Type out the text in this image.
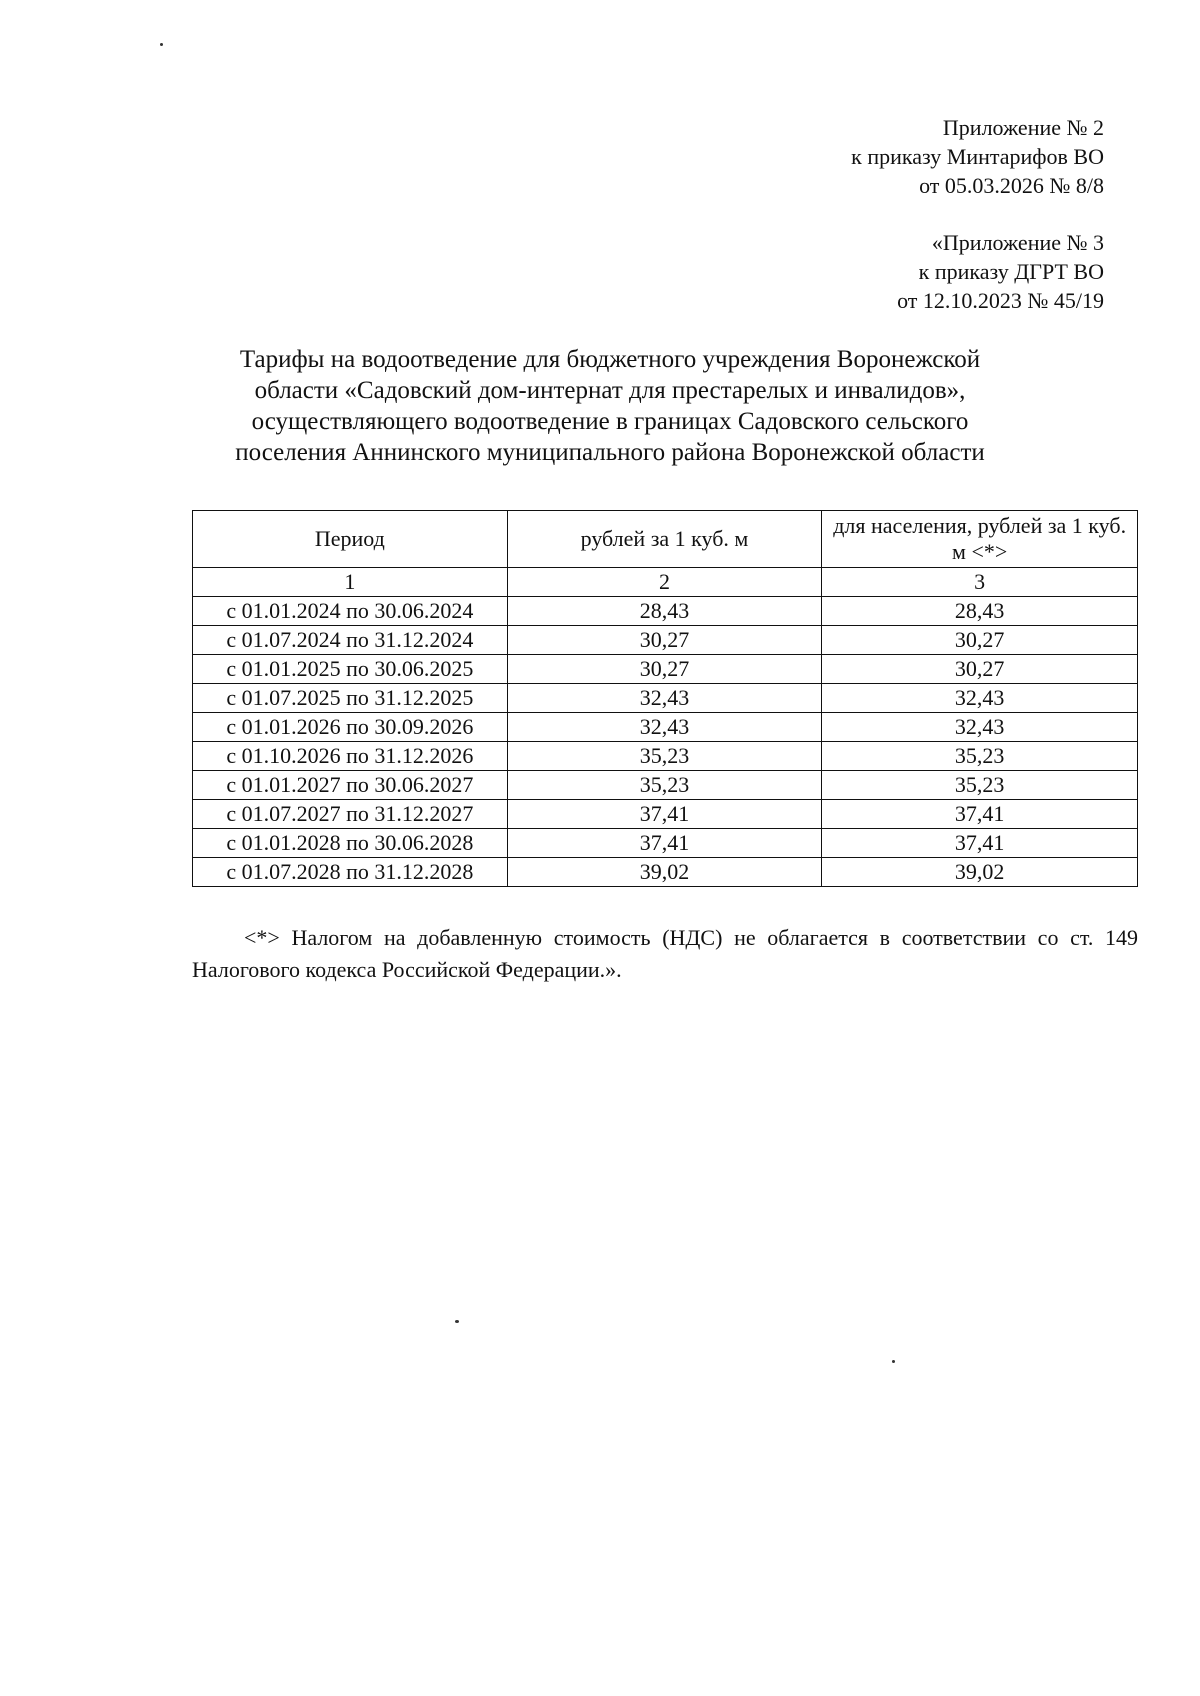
Приложение № 2
к приказу Минтарифов ВО
от 05.03.2026 № 8/8
«Приложение № 3
к приказу ДГРТ ВО
от 12.10.2023 № 45/19
Тарифы на водоотведение для бюджетного учреждения Воронежской
области «Садовский дом-интернат для престарелых и инвалидов»,
осуществляющего водоотведение в границах Садовского сельского
поселения Аннинского муниципального района Воронежской области
Период	рублей за 1 куб. м	для населения, рублей за 1 куб. м <*>
1	2	3
с 01.01.2024 по 30.06.2024	28,43	28,43
с 01.07.2024 по 31.12.2024	30,27	30,27
с 01.01.2025 по 30.06.2025	30,27	30,27
с 01.07.2025 по 31.12.2025	32,43	32,43
с 01.01.2026 по 30.09.2026	32,43	32,43
с 01.10.2026 по 31.12.2026	35,23	35,23
с 01.01.2027 по 30.06.2027	35,23	35,23
с 01.07.2027 по 31.12.2027	37,41	37,41
с 01.01.2028 по 30.06.2028	37,41	37,41
с 01.07.2028 по 31.12.2028	39,02	39,02
<*> Налогом на добавленную стоимость (НДС) не облагается в соответствии со ст. 149 Налогового кодекса Российской Федерации.».
